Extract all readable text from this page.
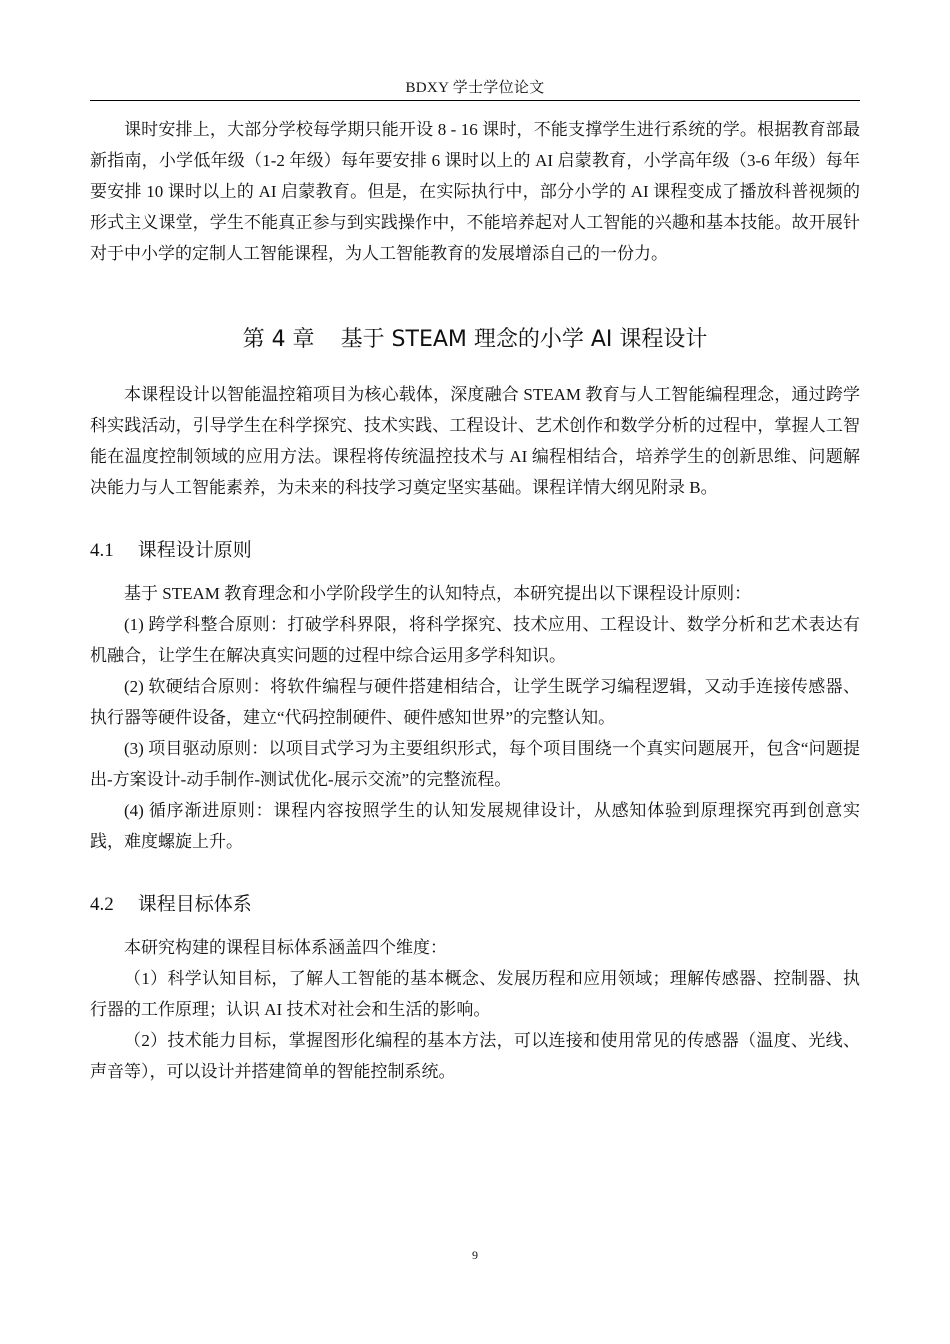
BDXY 学士学位论文

课时安排上，大部分学校每学期只能开设 8 - 16 课时，不能支撑学生进行系统的学。根据教育部最新指南，小学低年级（1-2 年级）每年要安排 6 课时以上的 AI 启蒙教育，小学高年级（3-6 年级）每年要安排 10 课时以上的 AI 启蒙教育。但是，在实际执行中，部分小学的 AI 课程变成了播放科普视频的形式主义课堂，学生不能真正参与到实践操作中，不能培养起对人工智能的兴趣和基本技能。故开展针对于中小学的定制人工智能课程，为人工智能教育的发展增添自己的一份力。

第 4 章 基于 STEAM 理念的小学 AI 课程设计

本课程设计以智能温控箱项目为核心载体，深度融合 STEAM 教育与人工智能编程理念，通过跨学科实践活动，引导学生在科学探究、技术实践、工程设计、艺术创作和数学分析的过程中，掌握人工智能在温度控制领域的应用方法。课程将传统温控技术与 AI 编程相结合，培养学生的创新思维、问题解决能力与人工智能素养，为未来的科技学习奠定坚实基础。课程详情大纲见附录 B。

4.1 课程设计原则

基于 STEAM 教育理念和小学阶段学生的认知特点，本研究提出以下课程设计原则：

(1) 跨学科整合原则：打破学科界限，将科学探究、技术应用、工程设计、数学分析和艺术表达有机融合，让学生在解决真实问题的过程中综合运用多学科知识。

(2) 软硬结合原则：将软件编程与硬件搭建相结合，让学生既学习编程逻辑，又动手连接传感器、执行器等硬件设备，建立“代码控制硬件、硬件感知世界”的完整认知。

(3) 项目驱动原则：以项目式学习为主要组织形式，每个项目围绕一个真实问题展开，包含“问题提出-方案设计-动手制作-测试优化-展示交流”的完整流程。

(4) 循序渐进原则：课程内容按照学生的认知发展规律设计，从感知体验到原理探究再到创意实践，难度螺旋上升。

4.2 课程目标体系

本研究构建的课程目标体系涵盖四个维度：

（1）科学认知目标，了解人工智能的基本概念、发展历程和应用领域；理解传感器、控制器、执行器的工作原理；认识 AI 技术对社会和生活的影响。

（2）技术能力目标，掌握图形化编程的基本方法，可以连接和使用常见的传感器（温度、光线、声音等），可以设计并搭建简单的智能控制系统。

9
